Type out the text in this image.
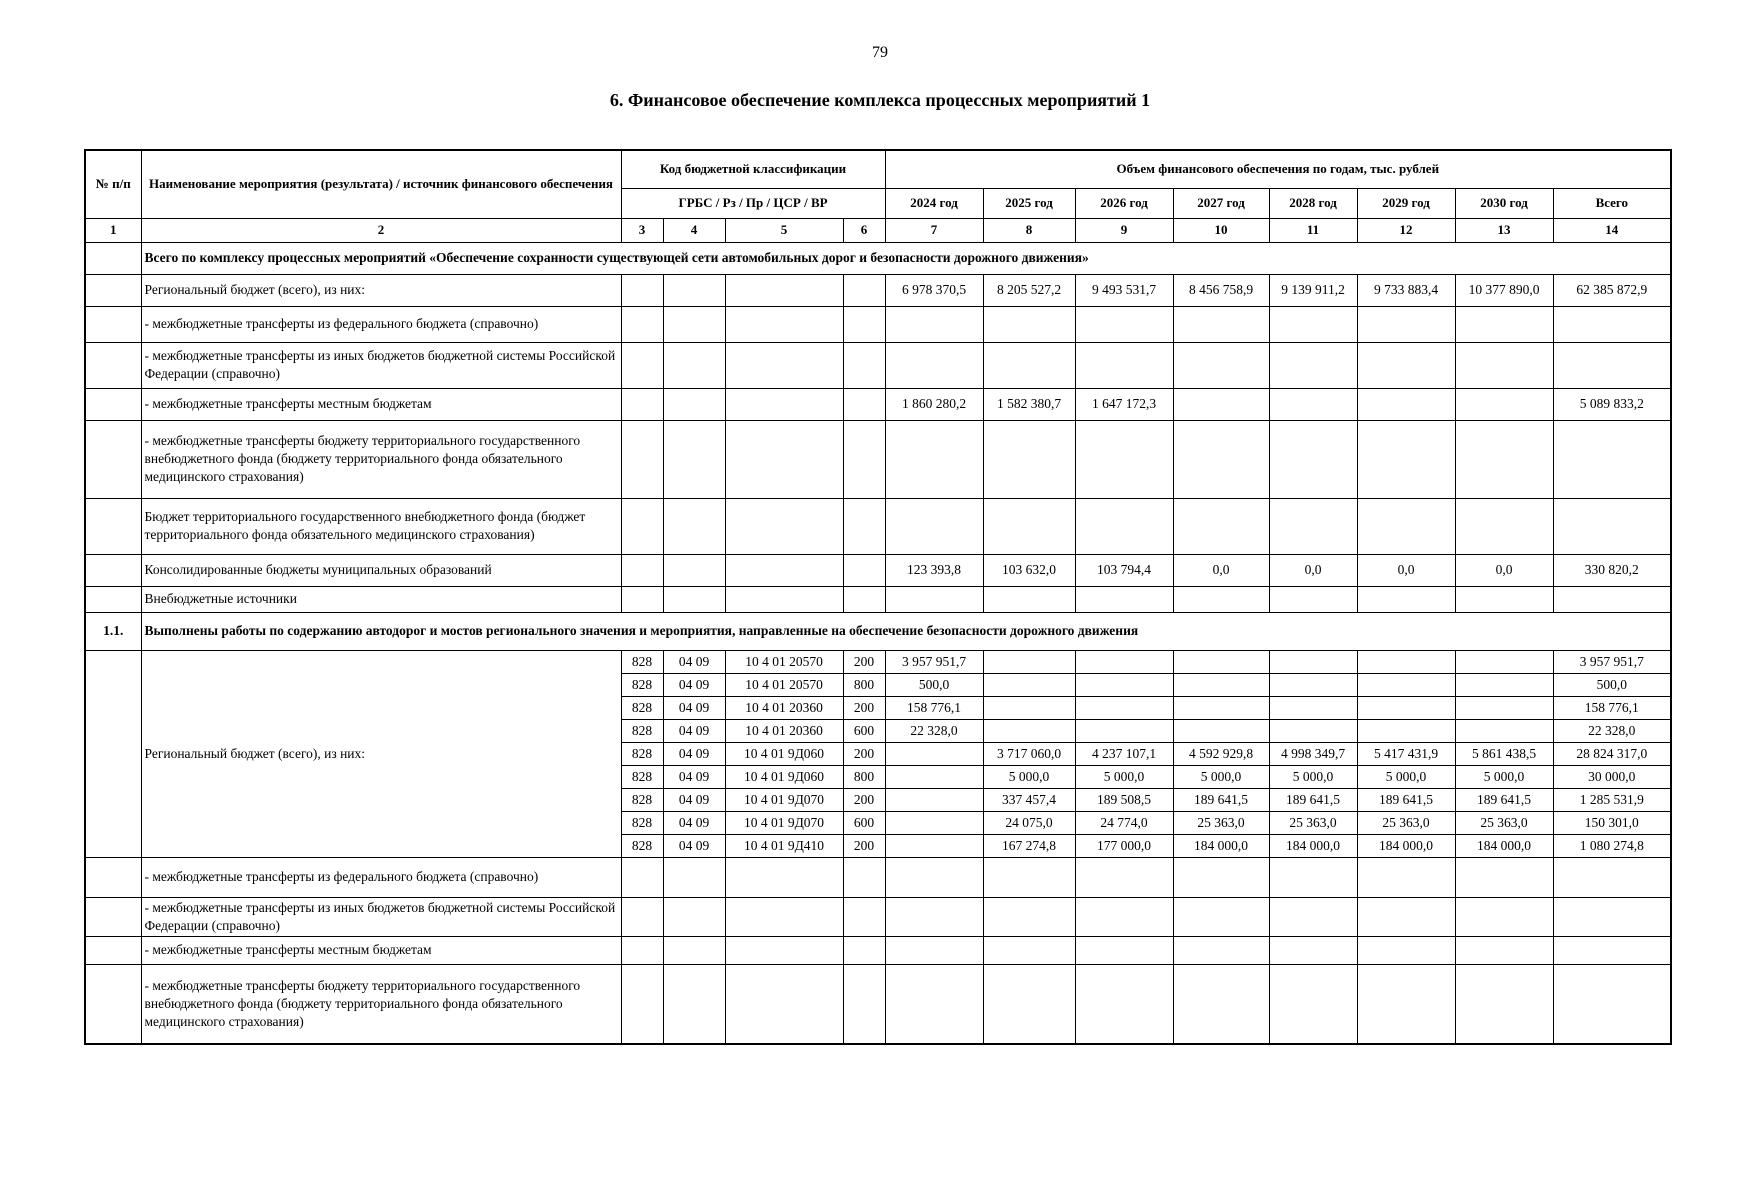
79
6. Финансовое обеспечение комплекса процессных мероприятий 1
№ п/п	Наименование мероприятия (результата) / источник финансового обеспечения	Код бюджетной классификации				Объем финансового обеспечения по годам, тыс. рублей							
		ГРБС / Рз / Пр / ЦСР / ВР				2024 год	2025 год	2026 год	2027 год	2028 год	2029 год	2030 год	Всего
1	2	3	4	5	6	7	8	9	10	11	12	13	14
	Всего по комплексу процессных мероприятий «Обеспечение сохранности существующей сети автомобильных дорог и безопасности дорожного движения»												
	Региональный бюджет (всего), из них:					6 978 370,5	8 205 527,2	9 493 531,7	8 456 758,9	9 139 911,2	9 733 883,4	10 377 890,0	62 385 872,9
	- межбюджетные трансферты из федерального бюджета (справочно)												
	- межбюджетные трансферты из иных бюджетов бюджетной системы Российской Федерации (справочно)												
	- межбюджетные трансферты местным бюджетам					1 860 280,2	1 582 380,7	1 647 172,3					5 089 833,2
	- межбюджетные трансферты бюджету территориального государственного внебюджетного фонда (бюджету территориального фонда обязательного медицинского страхования)												
	Бюджет территориального государственного внебюджетного фонда (бюджет территориального фонда обязательного медицинского страхования)												
	Консолидированные бюджеты муниципальных образований					123 393,8	103 632,0	103 794,4	0,0	0,0	0,0	0,0	330 820,2
	Внебюджетные источники												
1.1.	Выполнены работы по содержанию автодорог и мостов регионального значения и мероприятия, направленные на обеспечение безопасности дорожного движения												
	Региональный бюджет (всего), из них:	828	04 09	10 4 01 20570	200	3 957 951,7							3 957 951,7
		828	04 09	10 4 01 20570	800	500,0							500,0
		828	04 09	10 4 01 20360	200	158 776,1							158 776,1
		828	04 09	10 4 01 20360	600	22 328,0							22 328,0
		828	04 09	10 4 01 9Д060	200		3 717 060,0	4 237 107,1	4 592 929,8	4 998 349,7	5 417 431,9	5 861 438,5	28 824 317,0
		828	04 09	10 4 01 9Д060	800		5 000,0	5 000,0	5 000,0	5 000,0	5 000,0	5 000,0	30 000,0
		828	04 09	10 4 01 9Д070	200		337 457,4	189 508,5	189 641,5	189 641,5	189 641,5	189 641,5	1 285 531,9
		828	04 09	10 4 01 9Д070	600		24 075,0	24 774,0	25 363,0	25 363,0	25 363,0	25 363,0	150 301,0
		828	04 09	10 4 01 9Д410	200		167 274,8	177 000,0	184 000,0	184 000,0	184 000,0	184 000,0	1 080 274,8
	- межбюджетные трансферты из федерального бюджета (справочно)												
	- межбюджетные трансферты из иных бюджетов бюджетной системы Российской Федерации (справочно)												
	- межбюджетные трансферты местным бюджетам												
	- межбюджетные трансферты бюджету территориального государственного внебюджетного фонда (бюджету территориального фонда обязательного медицинского страхования)												
